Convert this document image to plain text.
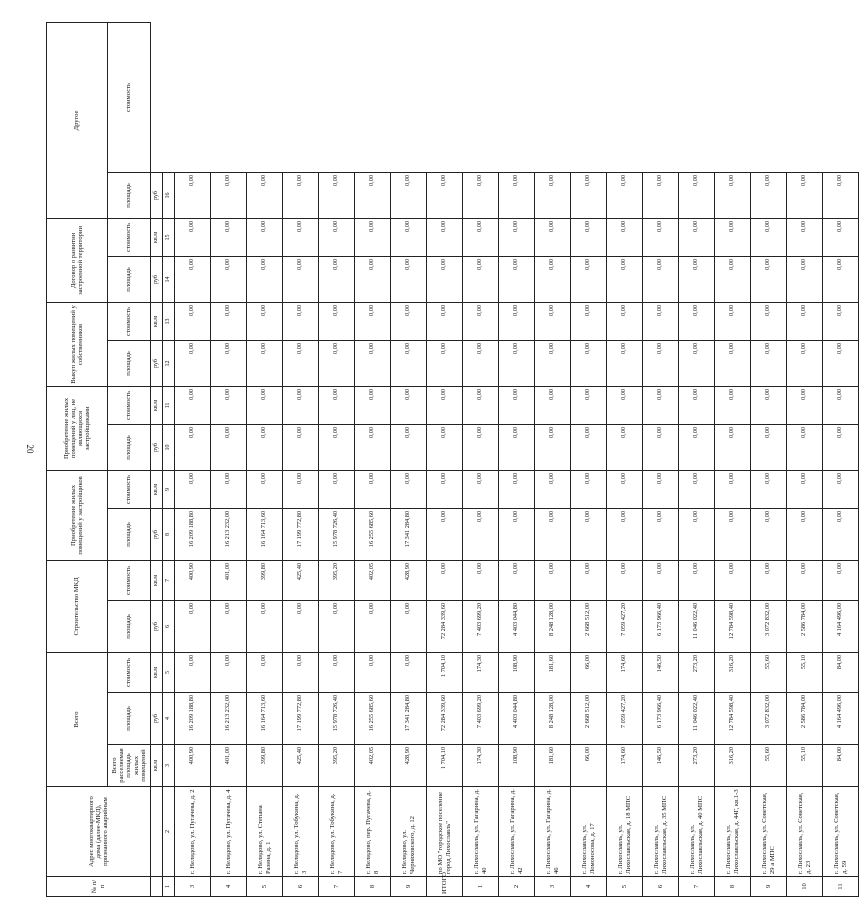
20
№ п/п	Адрес многоквартирного дома (далее-МКД), признанного аварийным	Всего			Строительство МКД		Приобретение жилых помещений у застройщиков		Приобретение жилых помещений у лиц, не являющихся застройщиками		Выкуп жилых помещений у собственников		Договор о развитии застроенной территории		Другое	
		Всего расселяемая площадь жилых помещений	площадь	стоимость	площадь	стоимость	площадь	стоимость	площадь	стоимость	площадь	стоимость	площадь	стоимость	площадь	стоимость
		кв.м	руб	кв.м	руб	кв.м	руб	кв.м	руб	кв.м	руб	кв.м	руб	кв.м	руб	
1	2	3	4	5	6	7	8	9	10	11	12	13	14	15	16	
3	г. Нелидово, ул. Пугачева, д. 2	400,90	16 209 188,80	0,00	0,00	400,90	16 209 188,80	0,00	0,00	0,00	0,00	0,00	0,00	0,00	0,00	
4	г. Нелидово, ул. Пугачева, д. 4	401,00	16 213 232,00	0,00	0,00	401,00	16 213 232,00	0,00	0,00	0,00	0,00	0,00	0,00	0,00	0,00	
5	г. Нелидово, ул. Степана Разина, д. 1	399,80	16 164 713,60	0,00	0,00	399,80	16 164 713,60	0,00	0,00	0,00	0,00	0,00	0,00	0,00	0,00	
6	г. Нелидово, ул. Тобукина, д. 3	425,40	17 199 772,80	0,00	0,00	425,40	17 199 772,80	0,00	0,00	0,00	0,00	0,00	0,00	0,00	0,00	
7	г. Нелидово, ул. Тобукина, д. 7	395,20	15 978 726,40	0,00	0,00	395,20	15 978 726,40	0,00	0,00	0,00	0,00	0,00	0,00	0,00	0,00	
8	г. Нелидово, пер. Пугачева, д. 8	402,05	16 255 685,60	0,00	0,00	402,05	16 255 685,60	0,00	0,00	0,00	0,00	0,00	0,00	0,00	0,00	
9	г. Нелидово, ул. Черняховского, д. 12	428,90	17 341 284,80	0,00	0,00	428,90	17 341 284,80	0,00	0,00	0,00	0,00	0,00	0,00	0,00	0,00	
ИТОГО	по МО "городское поселение город Лихославль"	1 704,10	72 284 339,60	1 704,10	72 284 339,60	0,00	0,00	0,00	0,00	0,00	0,00	0,00	0,00	0,00	0,00	
1	г. Лихославль, ул. Гагарина, д. 40	174,30	7 403 699,20	174,30	7 403 699,20	0,00	0,00	0,00	0,00	0,00	0,00	0,00	0,00	0,00	0,00	
2	г. Лихославль, ул. Гагарина, д. 42	108,90	4 403 044,80	108,90	4 403 044,80	0,00	0,00	0,00	0,00	0,00	0,00	0,00	0,00	0,00	0,00	
3	г. Лихославль, ул. Гагарина, д. 46	181,60	8 248 128,00	181,60	8 248 128,00	0,00	0,00	0,00	0,00	0,00	0,00	0,00	0,00	0,00	0,00	
4	г. Лихославль, ул. Ломоносова, д. 17	66,00	2 668 512,00	66,00	2 668 512,00	0,00	0,00	0,00	0,00	0,00	0,00	0,00	0,00	0,00	0,00	
5	г. Лихославль, ул. Лихославльская, д. 18 МПС	174,60	7 059 427,20	174,60	7 059 427,20	0,00	0,00	0,00	0,00	0,00	0,00	0,00	0,00	0,00	0,00	
6	г. Лихославль, ул. Лихославльская, д. 35 МПС	146,50	6 173 966,40	146,50	6 173 966,40	0,00	0,00	0,00	0,00	0,00	0,00	0,00	0,00	0,00	0,00	
7	г. Лихославль, ул. Лихославльская, д. 40 МПС	273,20	11 046 022,40	273,20	11 046 022,40	0,00	0,00	0,00	0,00	0,00	0,00	0,00	0,00	0,00	0,00	
8	г. Лихославль, ул. Лихославльская, д. 44Г, кв.1-3	316,20	12 784 598,40	316,20	12 784 598,40	0,00	0,00	0,00	0,00	0,00	0,00	0,00	0,00	0,00	0,00	
9	г. Лихославль, ул. Советская, 29 а МПС	55,60	3 072 832,00	55,60	3 072 832,00	0,00	0,00	0,00	0,00	0,00	0,00	0,00	0,00	0,00	0,00	
10	г. Лихославль, ул. Советская, д. 23	55,10	2 586 784,00	55,10	2 586 784,00	0,00	0,00	0,00	0,00	0,00	0,00	0,00	0,00	0,00	0,00	
11	г. Лихославль, ул. Советская, д. 59	84,00	4 164 496,00	84,00	4 164 496,00	0,00	0,00	0,00	0,00	0,00	0,00	0,00	0,00	0,00	0,00	
